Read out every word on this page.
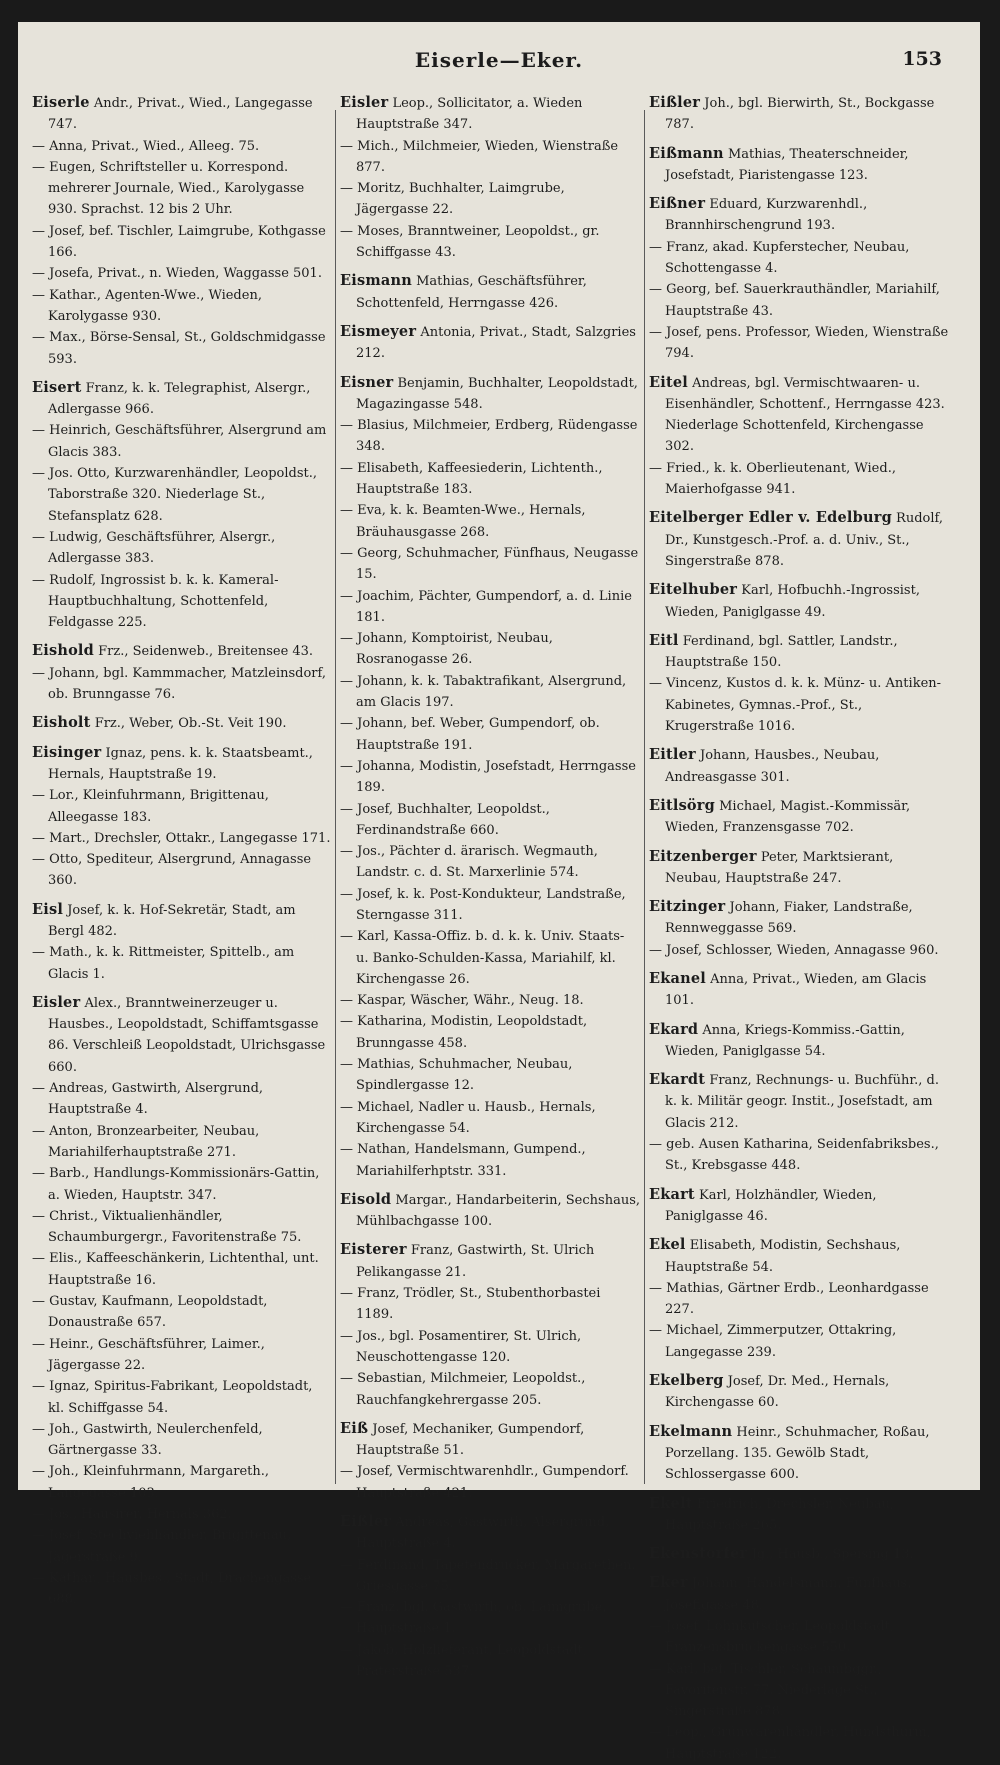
Eiserle—Eker.	153

Eiserle Andr., Privat., Wied., Langegasse 747.

— Anna, Privat., Wied., Alleeg. 75.

— Eugen, Schriftsteller u. Korrespond. mehrerer Journale, Wied., Karolygasse 930. Sprachst. 12 bis 2 Uhr.

— Josef, bef. Tischler, Laimgrube, Kothgasse 166.

— Josefa, Privat., n. Wieden, Waggasse 501.

— Kathar., Agenten-Wwe., Wieden, Karolygasse 930.

— Max., Börse-Sensal, St., Goldschmidgasse 593.

Eisert Franz, k. k. Telegraphist, Alsergr., Adlergasse 966.

— Heinrich, Geschäftsführer, Alsergrund am Glacis 383.

— Jos. Otto, Kurzwarenhändler, Leopoldst., Taborstraße 320. Niederlage St., Stefansplatz 628.

— Ludwig, Geschäftsführer, Alsergr., Adlergasse 383.

— Rudolf, Ingrossist b. k. k. Kameral-Hauptbuchhaltung, Schottenfeld, Feldgasse 225.

Eishold Frz., Seidenweb., Breitensee 43.

— Johann, bgl. Kammmacher, Matzleinsdorf, ob. Brunngasse 76.

Eisholt Frz., Weber, Ob.-St. Veit 190.

Eisinger Ignaz, pens. k. k. Staatsbeamt., Hernals, Hauptstraße 19.

— Lor., Kleinfuhrmann, Brigittenau, Alleegasse 183.

— Mart., Drechsler, Ottakr., Langegasse 171.

— Otto, Spediteur, Alsergrund, Annagasse 360.

Eisl Josef, k. k. Hof-Sekretär, Stadt, am Bergl 482.

— Math., k. k. Rittmeister, Spittelb., am Glacis 1.

Eisler Alex., Branntweinerzeuger u. Hausbes., Leopoldstadt, Schiffamtsgasse 86. Verschleiß Leopoldstadt, Ulrichsgasse 660.

— Andreas, Gastwirth, Alsergrund, Hauptstraße 4.

— Anton, Bronzearbeiter, Neubau, Mariahilferhauptstraße 271.

— Barb., Handlungs-Kommissionärs-Gattin, a. Wieden, Hauptstr. 347.

— Christ., Viktualienhändler, Schaumburgergr., Favoritenstraße 75.

— Elis., Kaffeeschänkerin, Lichtenthal, unt. Hauptstraße 16.

— Gustav, Kaufmann, Leopoldstadt, Donaustraße 657.

— Heinr., Geschäftsführer, Laimer., Jägergasse 22.

— Ignaz, Spiritus-Fabrikant, Leopoldstadt, kl. Schiffgasse 54.

— Joh., Gastwirth, Neulerchenfeld, Gärtnergasse 33.

— Joh., Kleinfuhrmann, Margareth., Langegasse 103.

— Jos., Hausirer, Hernals 362.

— Josef, Stechviehhändler, Brigittenau, Jägerstraße 9.

— Kathar., Hausbes., Stadt, Drachengasse 688.

Eisler Leop., Sollicitator, a. Wieden Hauptstraße 347.

— Mich., Milchmeier, Wieden, Wienstraße 877.

— Moritz, Buchhalter, Laimgrube, Jägergasse 22.

— Moses, Branntweiner, Leopoldst., gr. Schiffgasse 43.

Eismann Mathias, Geschäftsführer, Schottenfeld, Herrngasse 426.

Eismeyer Antonia, Privat., Stadt, Salzgries 212.

Eisner Benjamin, Buchhalter, Leopoldstadt, Magazingasse 548.

— Blasius, Milchmeier, Erdberg, Rüdengasse 348.

— Elisabeth, Kaffeesiederin, Lichtenth., Hauptstraße 183.

— Eva, k. k. Beamten-Wwe., Hernals, Bräuhausgasse 268.

— Georg, Schuhmacher, Fünfhaus, Neugasse 15.

— Joachim, Pächter, Gumpendorf, a. d. Linie 181.

— Johann, Komptoirist, Neubau, Rosranogasse 26.

— Johann, k. k. Tabaktrafikant, Alsergrund, am Glacis 197.

— Johann, bef. Weber, Gumpendorf, ob. Hauptstraße 191.

— Johanna, Modistin, Josefstadt, Herrngasse 189.

— Josef, Buchhalter, Leopoldst., Ferdinandstraße 660.

— Jos., Pächter d. ärarisch. Wegmauth, Landstr. c. d. St. Marxerlinie 574.

— Josef, k. k. Post-Kondukteur, Landstraße, Sterngasse 311.

— Karl, Kassa-Offiz. b. d. k. k. Univ. Staats- u. Banko-Schulden-Kassa, Mariahilf, kl. Kirchengasse 26.

— Kaspar, Wäscher, Währ., Neug. 18.

— Katharina, Modistin, Leopoldstadt, Brunngasse 458.

— Mathias, Schuhmacher, Neubau, Spindlergasse 12.

— Michael, Nadler u. Hausb., Hernals, Kirchengasse 54.

— Nathan, Handelsmann, Gumpend., Mariahilferhptstr. 331.

Eisold Margar., Handarbeiterin, Sechshaus, Mühlbachgasse 100.

Eisterer Franz, Gastwirth, St. Ulrich Pelikangasse 21.

— Franz, Trödler, St., Stubenthorbastei 1189.

— Jos., bgl. Posamentirer, St. Ulrich, Neuschottengasse 120.

— Sebastian, Milchmeier, Leopoldst., Rauchfangkehrergasse 205.

Eiß Josef, Mechaniker, Gumpendorf, Hauptstraße 51.

— Josef, Vermischtwarenhdlr., Gumpendorf. Hauptstraße 421.

Eißler Andreas, Gastwirth, Alsergrund, Hauptstraße 4.

— Ferdinand, Tapetendrucker, Margarethen, Griesgasse 75.

— Franz, bgl. Gastwirth, ob. Laimgrube, Hauptstraße 1.

— Jakob, Holzlieferant, Leopoldstadt, Praterstraße 537.

Eißler Joh., bgl. Bierwirth, St., Bockgasse 787.

Eißmann Mathias, Theaterschneider, Josefstadt, Piaristengasse 123.

Eißner Eduard, Kurzwarenhdl., Brannhirschengrund 193.

— Franz, akad. Kupferstecher, Neubau, Schottengasse 4.

— Georg, bef. Sauerkrauthändler, Mariahilf, Hauptstraße 43.

— Josef, pens. Professor, Wieden, Wienstraße 794.

Eitel Andreas, bgl. Vermischtwaaren- u. Eisenhändler, Schottenf., Herrngasse 423. Niederlage Schottenfeld, Kirchengasse 302.

— Fried., k. k. Oberlieutenant, Wied., Maierhofgasse 941.

Eitelberger Edler v. Edelburg Rudolf, Dr., Kunstgesch.-Prof. a. d. Univ., St., Singerstraße 878.

Eitelhuber Karl, Hofbuchh.-Ingrossist, Wieden, Paniglgasse 49.

Eitl Ferdinand, bgl. Sattler, Landstr., Hauptstraße 150.

— Vincenz, Kustos d. k. k. Münz- u. Antiken-Kabinetes, Gymnas.-Prof., St., Krugerstraße 1016.

Eitler Johann, Hausbes., Neubau, Andreasgasse 301.

Eitlsörg Michael, Magist.-Kommissär, Wieden, Franzensgasse 702.

Eitzenberger Peter, Marktsierant, Neubau, Hauptstraße 247.

Eitzinger Johann, Fiaker, Landstraße, Rennweggasse 569.

— Josef, Schlosser, Wieden, Annagasse 960.

Ekanel Anna, Privat., Wieden, am Glacis 101.

Ekard Anna, Kriegs-Kommiss.-Gattin, Wieden, Paniglgasse 54.

Ekardt Franz, Rechnungs- u. Buchführ., d. k. k. Militär geogr. Instit., Josefstadt, am Glacis 212.

— geb. Ausen Katharina, Seidenfabriksbes., St., Krebsgasse 448.

Ekart Karl, Holzhändler, Wieden, Paniglgasse 46.

Ekel Elisabeth, Modistin, Sechshaus, Hauptstraße 54.

— Mathias, Gärtner Erdb., Leonhardgasse 227.

— Michael, Zimmerputzer, Ottakring, Langegasse 239.

Ekelberg Josef, Dr. Med., Hernals, Kirchengasse 60.

Ekelmann Heinr., Schuhmacher, Roßau, Porzellang. 135. Gewölb Stadt, Schlossergasse 600.

Ekelt Friedrich, Drechsler, Neubau, Hauptstraße 265.

Ekenstorfer Jg., Hausb., Speising 13.

Eker Johann, Handelsmann, Fünfhaus, Josefigasse 48.

— Josef, Lohnkutscher, Leopoldstadt, Franzensbrückengasse 550.

— Karl, bef. Tischler, Schaumbggr., Favoritenstr. 77. Niederlage St., Singerstraße 878.

— Leop., Grünwarenhändler, Hundsthurm, Hauptstraße 122.
